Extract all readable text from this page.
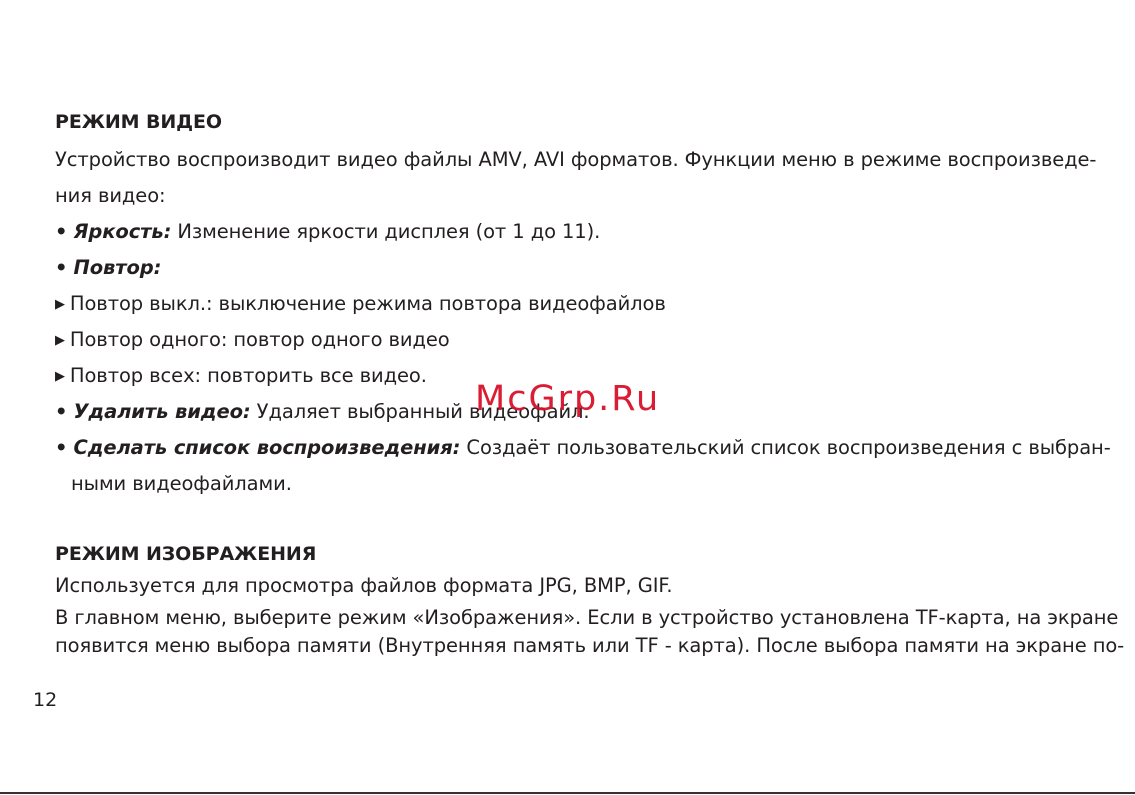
РЕЖИМ ВИДЕО
Устройство воспроизводит видео файлы AMV, AVI форматов. Функции меню в режиме воспроизведе-
ния видео:
• Яркость: Изменение яркости дисплея (от 1 до 11).
• Повтор:
▶ Повтор выкл.: выключение режима повтора видеофайлов
▶ Повтор одного: повтор одного видео
▶ Повтор всех: повторить все видео.
• Удалить видео: Удаляет выбранный видеофайл.
• Сделать список воспроизведения: Создаёт пользовательский список воспроизведения с выбран-
ными видеофайлами.
РЕЖИМ ИЗОБРАЖЕНИЯ
Используется для просмотра файлов формата JPG, BMP, GIF.
В главном меню, выберите режим «Изображения». Если в устройство установлена TF-карта, на экране
появится меню выбора памяти (Внутренняя память или TF - карта). После выбора памяти на экране по-
12
McGrp.Ru
